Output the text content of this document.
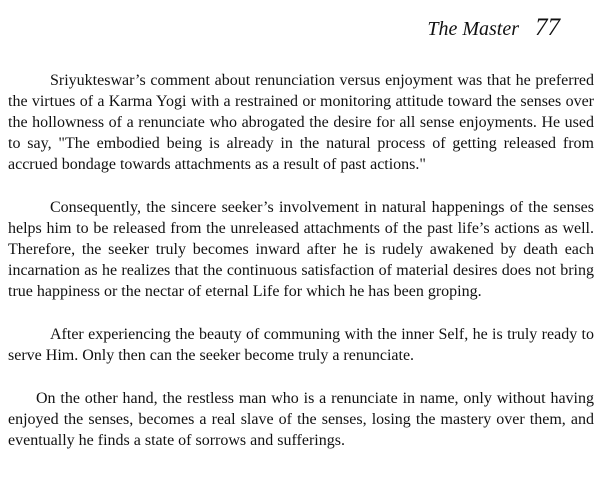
The Master 77

Sriyukteswar’s comment about renunciation versus enjoyment was that he preferred the virtues of a Karma Yogi with a restrained or monitoring attitude toward the senses over the hollowness of a renunciate who abrogated the desire for all sense enjoyments. He used to say, "The embodied being is already in the natural process of getting released from accrued bondage towards attachments as a result of past actions."

Consequently, the sincere seeker’s involvement in natural happenings of the senses helps him to be released from the unreleased attachments of the past life’s actions as well. Therefore, the seeker truly becomes inward after he is rudely awakened by death each incarnation as he realizes that the continuous satisfaction of material desires does not bring true happiness or the nectar of eternal Life for which he has been groping.

After experiencing the beauty of communing with the inner Self, he is truly ready to serve Him. Only then can the seeker become truly a renunciate.

On the other hand, the restless man who is a renunciate in name, only without having enjoyed the senses, becomes a real slave of the senses, losing the mastery over them, and eventually he finds a state of sorrows and sufferings.
